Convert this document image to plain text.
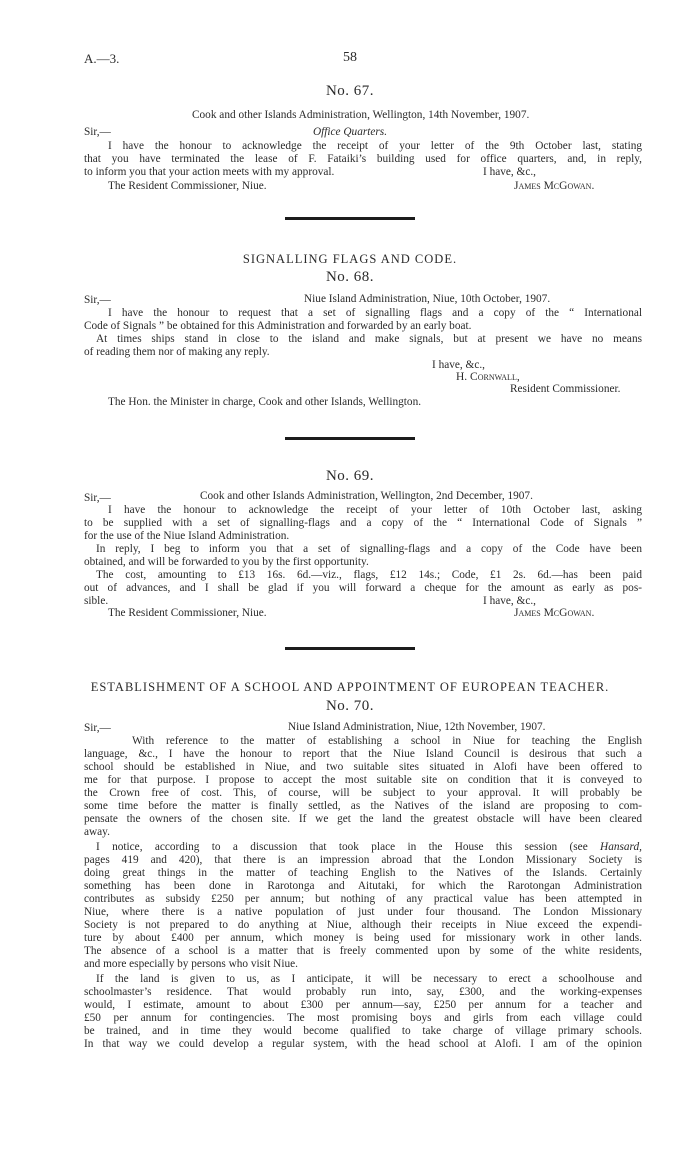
A.—3.	58
No. 67.
Cook and other Islands Administration, Wellington, 14th November, 1907.
Sir,—	Office Quarters.
I have the honour to acknowledge the receipt of your letter of the 9th October last, stating
that you have terminated the lease of F. Fataiki’s building used for office quarters, and, in reply,
to inform you that your action meets with my approval.	I have, &c.,
The Resident Commissioner, Niue.	James McGowan.
SIGNALLING FLAGS AND CODE.
No. 68.
Sir,—	Niue Island Administration, Niue, 10th October, 1907.
I have the honour to request that a set of signalling flags and a copy of the “ International
Code of Signals ” be obtained for this Administration and forwarded by an early boat.
At times ships stand in close to the island and make signals, but at present we have no means
of reading them nor of making any reply.
I have, &c.,
H. Cornwall,
Resident Commissioner.
The Hon. the Minister in charge, Cook and other Islands, Wellington.
No. 69.
Sir,—	Cook and other Islands Administration, Wellington, 2nd December, 1907.
I have the honour to acknowledge the receipt of your letter of 10th October last, asking
to be supplied with a set of signalling-flags and a copy of the “ International Code of Signals ”
for the use of the Niue Island Administration.
In reply, I beg to inform you that a set of signalling-flags and a copy of the Code have been
obtained, and will be forwarded to you by the first opportunity.
The cost, amounting to £13 16s. 6d.—viz., flags, £12 14s.; Code, £1 2s. 6d.—has been paid
out of advances, and I shall be glad if you will forward a cheque for the amount as early as pos-
sible.	I have, &c.,
The Resident Commissioner, Niue.	James McGowan.
ESTABLISHMENT OF A SCHOOL AND APPOINTMENT OF EUROPEAN TEACHER.
No. 70.
Sir,—	Niue Island Administration, Niue, 12th November, 1907.
With reference to the matter of establishing a school in Niue for teaching the English
language, &c., I have the honour to report that the Niue Island Council is desirous that such a
school should be established in Niue, and two suitable sites situated in Alofi have been offered to
me for that purpose. I propose to accept the most suitable site on condition that it is conveyed to
the Crown free of cost. This, of course, will be subject to your approval. It will probably be
some time before the matter is finally settled, as the Natives of the island are proposing to com-
pensate the owners of the chosen site. If we get the land the greatest obstacle will have been cleared
away.
I notice, according to a discussion that took place in the House this session (see Hansard,
pages 419 and 420), that there is an impression abroad that the London Missionary Society is
doing great things in the matter of teaching English to the Natives of the Islands. Certainly
something has been done in Rarotonga and Aitutaki, for which the Rarotongan Administration
contributes as subsidy £250 per annum; but nothing of any practical value has been attempted in
Niue, where there is a native population of just under four thousand. The London Missionary
Society is not prepared to do anything at Niue, although their receipts in Niue exceed the expendi-
ture by about £400 per annum, which money is being used for missionary work in other lands.
The absence of a school is a matter that is freely commented upon by some of the white residents,
and more especially by persons who visit Niue.
If the land is given to us, as I anticipate, it will be necessary to erect a schoolhouse and
schoolmaster’s residence. That would probably run into, say, £300, and the working-expenses
would, I estimate, amount to about £300 per annum—say, £250 per annum for a teacher and
£50 per annum for contingencies. The most promising boys and girls from each village could
be trained, and in time they would become qualified to take charge of village primary schools.
In that way we could develop a regular system, with the head school at Alofi. I am of the opinion
